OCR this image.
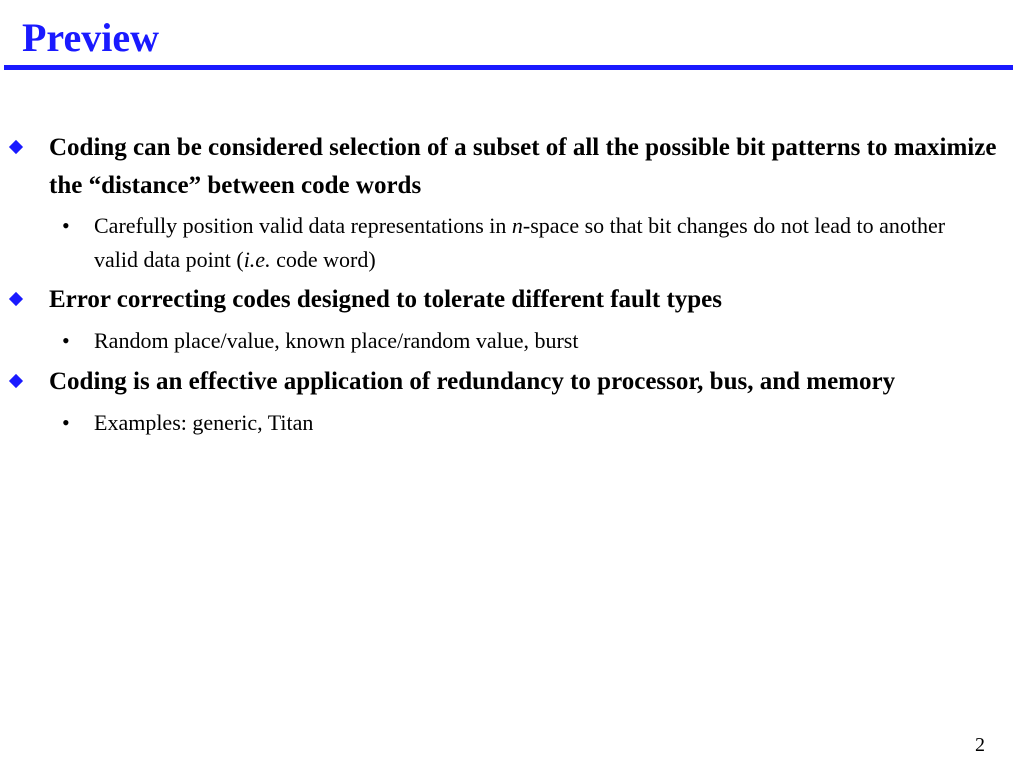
Preview
Coding can be considered selection of a subset of all the possible bit patterns to maximize the “distance” between code words
• Carefully position valid data representations in n-space so that bit changes do not lead to another valid data point (i.e. code word)
Error correcting codes designed to tolerate different fault types
• Random place/value, known place/random value, burst
Coding is an effective application of redundancy to processor, bus, and memory
• Examples: generic, Titan
2
